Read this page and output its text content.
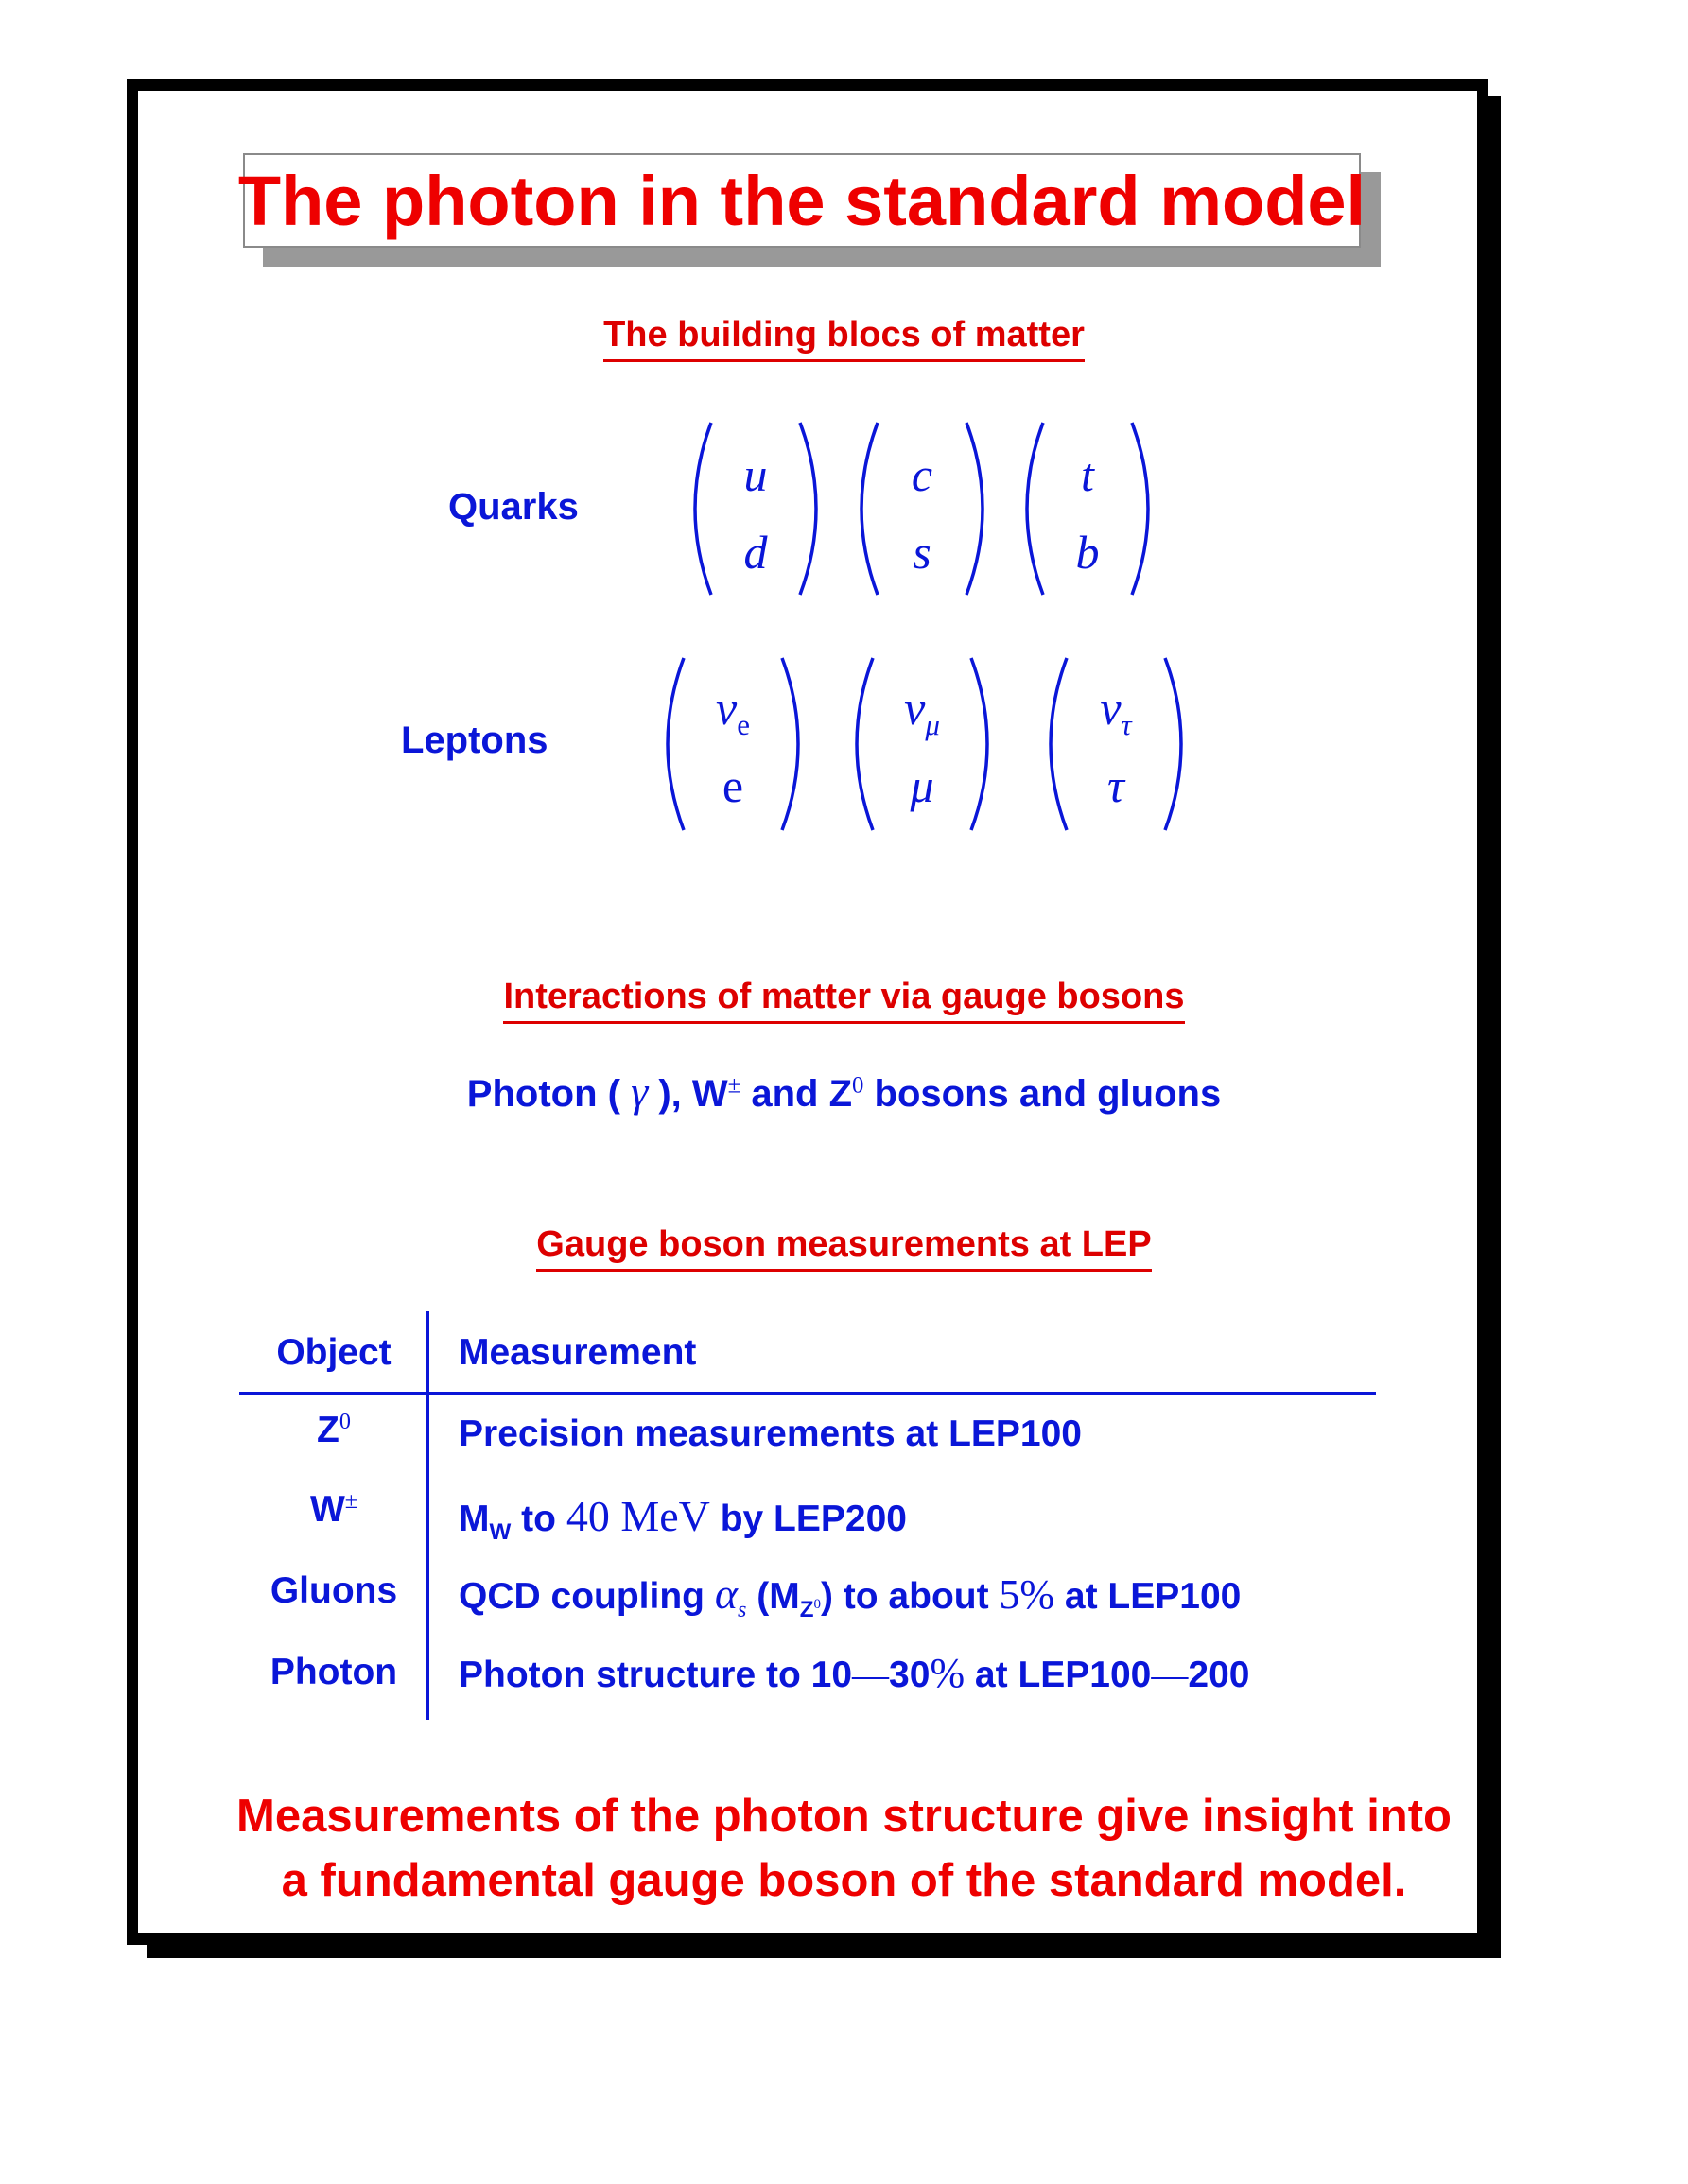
The photon in the standard model
The building blocs of matter
Quarks
Leptons
u
d
c
s
t
b
$\nu_e$
e
$\nu_\mu$
μ
$\nu_\tau$
τ
Interactions of matter via gauge bosons
Photon ( γ ), W± and $Z^0$ bosons and gluons
Gauge boson measurements at LEP
Object	Measurement
$Z^0$	Precision measurements at LEP100
W±	$M_W$ to 40 MeV by LEP200
Gluons	QCD coupling $\alpha_s$ $(M_{Z^0})$ to about 5% at LEP100
Photon	Photon structure to 10—30% at LEP100—200
Measurements of the photon structure give insight into
a fundamental gauge boson of the standard model.
